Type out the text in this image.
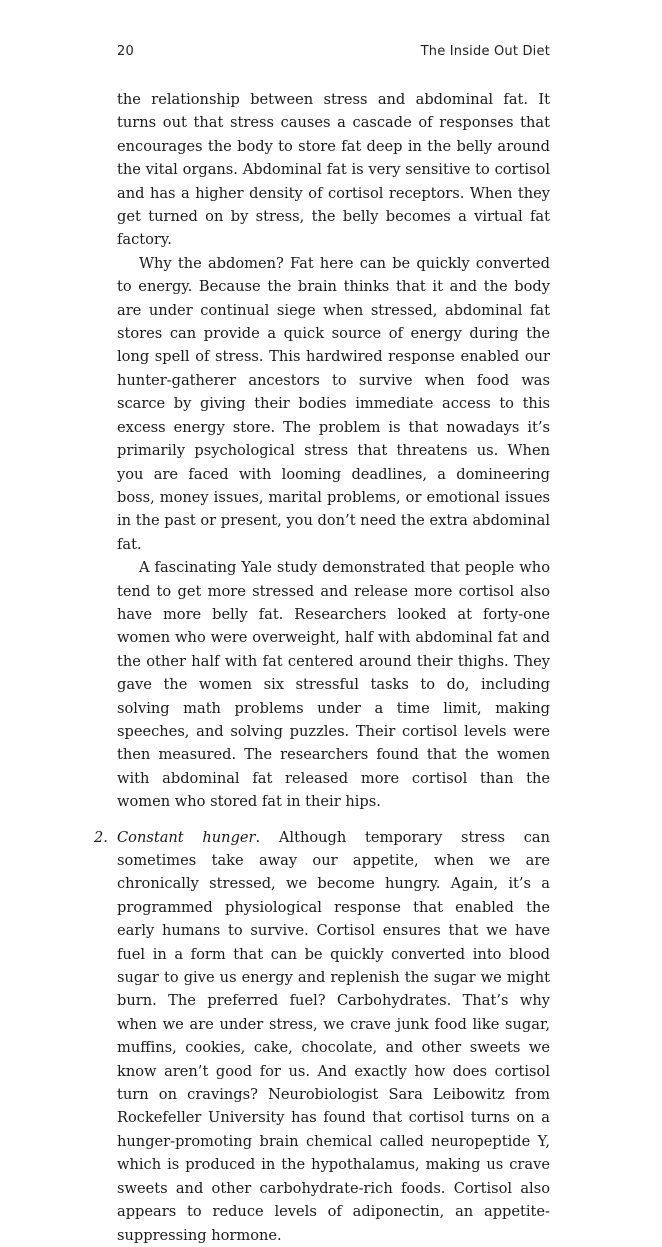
20	The Inside Out Diet

the relationship between stress and abdominal fat. It turns out that stress causes a cascade of responses that encourages the body to store fat deep in the belly around the vital organs. Abdominal fat is very sensitive to cortisol and has a higher density of cortisol receptors. When they get turned on by stress, the belly becomes a virtual fat factory.

Why the abdomen? Fat here can be quickly converted to energy. Because the brain thinks that it and the body are under continual siege when stressed, abdominal fat stores can provide a quick source of energy during the long spell of stress. This hardwired response enabled our hunter-gatherer ancestors to survive when food was scarce by giving their bodies immediate access to this excess energy store. The problem is that nowadays it’s primarily psychological stress that threatens us. When you are faced with looming deadlines, a domineering boss, money issues, marital problems, or emotional issues in the past or present, you don’t need the extra abdominal fat.

A fascinating Yale study demonstrated that people who tend to get more stressed and release more cortisol also have more belly fat. Researchers looked at forty-one women who were overweight, half with abdominal fat and the other half with fat centered around their thighs. They gave the women six stressful tasks to do, including solving math problems under a time limit, making speeches, and solving puzzles. Their cortisol levels were then measured. The researchers found that the women with abdominal fat released more cortisol than the women who stored fat in their hips.

2. Constant hunger. Although temporary stress can sometimes take away our appetite, when we are chronically stressed, we become hungry. Again, it’s a programmed physiological response that enabled the early humans to survive. Cortisol ensures that we have fuel in a form that can be quickly converted into blood sugar to give us energy and replenish the sugar we might burn. The preferred fuel? Carbohydrates. That’s why when we are under stress, we crave junk food like sugar, muffins, cookies, cake, chocolate, and other sweets we know aren’t good for us. And exactly how does cortisol turn on cravings? Neurobiologist Sara Leibowitz from Rockefeller University has found that cortisol turns on a hunger-promoting brain chemical called neuropeptide Y, which is produced in the hypothalamus, making us crave sweets and other carbohydrate-rich foods. Cortisol also appears to reduce levels of adiponectin, an appetite-suppressing hormone.
